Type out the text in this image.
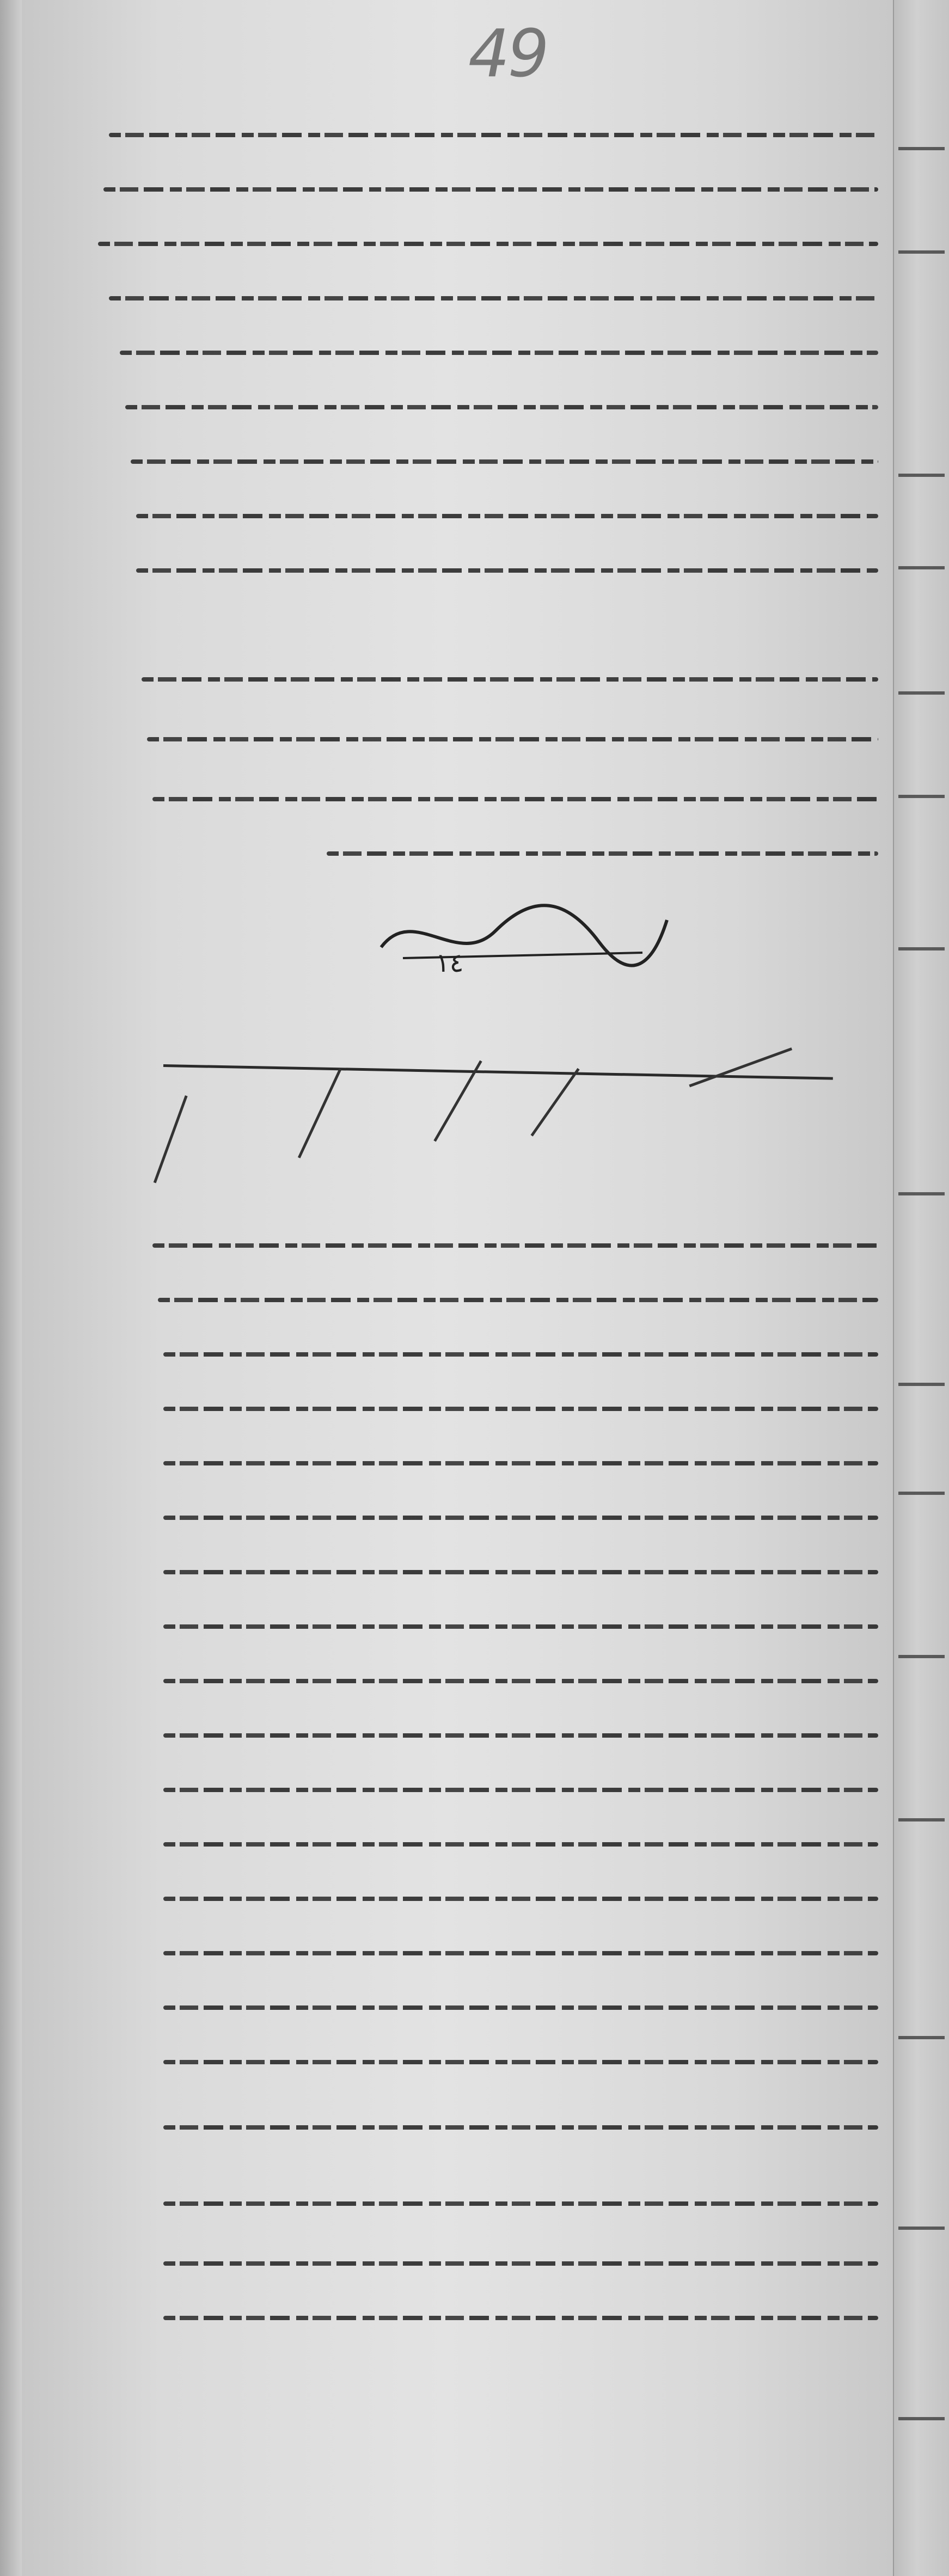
49
١٤
